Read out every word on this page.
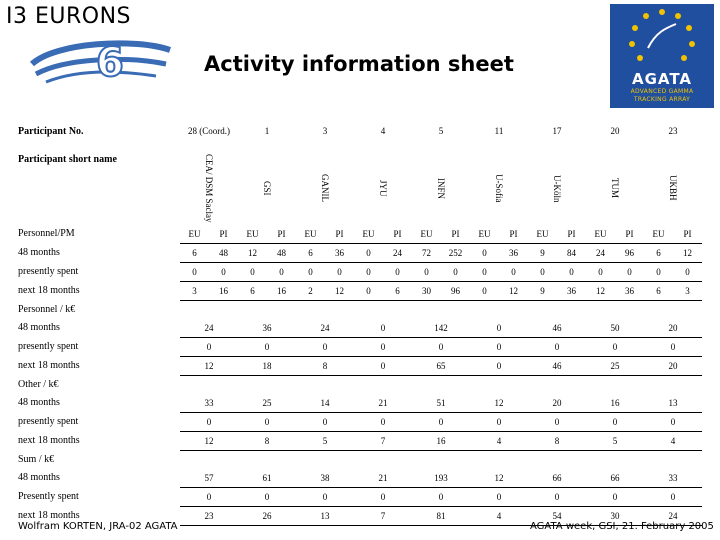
I3 EURONS
6	AGATA
ADVANCED GAMMA
TRACKING ARRAY
Activity information sheet
Participant No.	28 (Coord.)		1		3		4		5		11		17		20		23	
Participant short name	CEA/ DSM Saclay		GSI		GANIL		JYU		INFN		U-Sofia		U-Köln		TUM		UKBH	
Personnel/PM	EU	PI	EU	PI	EU	PI	EU	PI	EU	PI	EU	PI	EU	PI	EU	PI	EU	PI
48 months	6	48	12	48	6	36	0	24	72	252	0	36	9	84	24	96	6	12
presently spent	0	0	0	0	0	0	0	0	0	0	0	0	0	0	0	0	0	0
next 18 months	3	16	6	16	2	12	0	6	30	96	0	12	9	36	12	36	6	3
Personnel / k€																		
48 months	24		36		24		0		142		0		46		50		20	
presently spent	0		0		0		0		0		0		0		0		0	
next 18 months	12		18		8		0		65		0		46		25		20	
Other / k€																		
48 months	33		25		14		21		51		12		20		16		13	
presently spent	0		0		0		0		0		0		0		0		0	
next 18 months	12		8		5		7		16		4		8		5		4	
Sum / k€																		
48 months	57		61		38		21		193		12		66		66		33	
Presently spent	0		0		0		0		0		0		0		0		0	
next 18 months	23		26		13		7		81		4		54		30		24	
Wolfram KORTEN, JRA-02 AGATA	AGATA week, GSI, 21. February 2005
